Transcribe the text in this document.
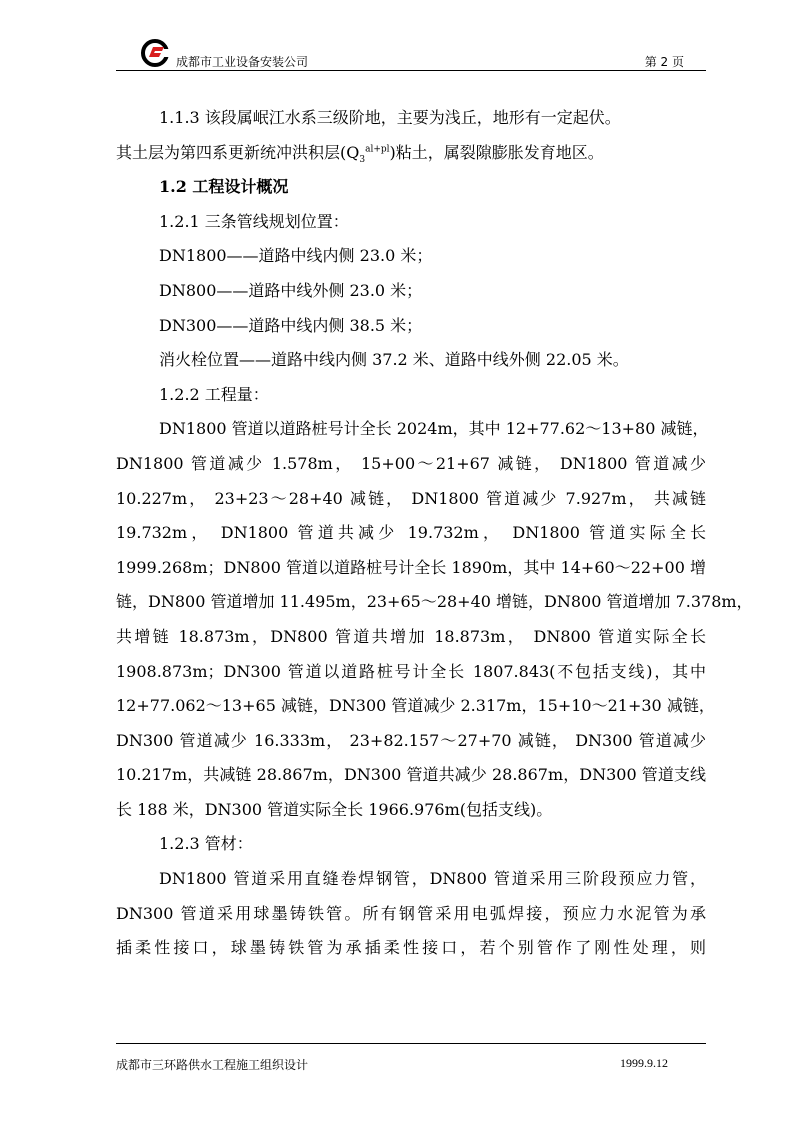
成都市工业设备安装公司	第 2 页
1.1.3 该段属岷江水系三级阶地，主要为浅丘，地形有一定起伏。
其土层为第四系更新统冲洪积层$(Q_3^{al+pl})$粘土，属裂隙膨胀发育地区。
1.2 工程设计概况
1.2.1 三条管线规划位置：
DN1800——道路中线内侧 23.0 米；
DN800——道路中线外侧 23.0 米；
DN300——道路中线内侧 38.5 米；
消火栓位置——道路中线内侧 37.2 米、道路中线外侧 22.05 米。
1.2.2 工程量：
DN1800 管道以道路桩号计全长 2024m，其中 12+77.62～13+80 减链，
DN1800 管道减少 1.578m， 15+00～21+67 减链， DN1800 管道减少
10.227m， 23+23～28+40 减链， DN1800 管道减少 7.927m， 共减链
19.732m， DN1800 管道共减少 19.732m， DN1800 管道实际全长
1999.268m；DN800 管道以道路桩号计全长 1890m，其中 14+60～22+00 增
链，DN800 管道增加 11.495m，23+65～28+40 增链，DN800 管道增加 7.378m，
共增链 18.873m，DN800 管道共增加 18.873m， DN800 管道实际全长
1908.873m；DN300 管道以道路桩号计全长 1807.843(不包括支线)，其中
12+77.062～13+65 减链，DN300 管道减少 2.317m，15+10～21+30 减链，
DN300 管道减少 16.333m， 23+82.157～27+70 减链， DN300 管道减少
10.217m，共减链 28.867m，DN300 管道共减少 28.867m，DN300 管道支线
长 188 米，DN300 管道实际全长 1966.976m(包括支线)。
1.2.3 管材：
DN1800 管道采用直缝卷焊钢管，DN800 管道采用三阶段预应力管，
DN300 管道采用球墨铸铁管。所有钢管采用电弧焊接，预应力水泥管为承
插柔性接口，球墨铸铁管为承插柔性接口，若个别管作了刚性处理，则
成都市三环路供水工程施工组织设计	1999.9.12
